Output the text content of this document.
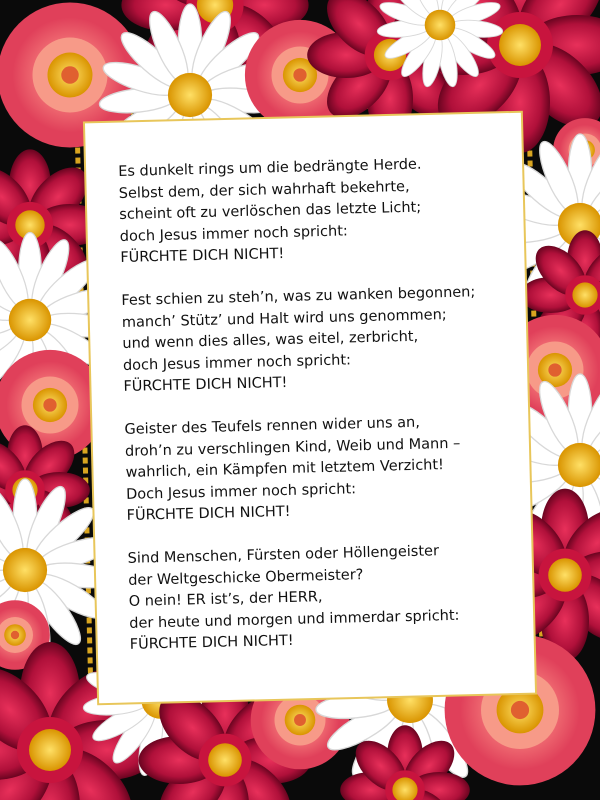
Es dunkelt rings um die bedrängte Herde.
Selbst dem, der sich wahrhaft bekehrte,
scheint oft zu verlöschen das letzte Licht;
doch Jesus immer noch spricht:
FÜRCHTE DICH NICHT!
Fest schien zu steh’n, was zu wanken begonnen;
manch’ Stütz’ und Halt wird uns genommen;
und wenn dies alles, was eitel, zerbricht,
doch Jesus immer noch spricht:
FÜRCHTE DICH NICHT!
Geister des Teufels rennen wider uns an,
droh’n zu verschlingen Kind, Weib und Mann –
wahrlich, ein Kämpfen mit letztem Verzicht!
Doch Jesus immer noch spricht:
FÜRCHTE DICH NICHT!
Sind Menschen, Fürsten oder Höllengeister
der Weltgeschicke Obermeister?
O nein! ER ist’s, der HERR,
der heute und morgen und immerdar spricht:
FÜRCHTE DICH NICHT!
